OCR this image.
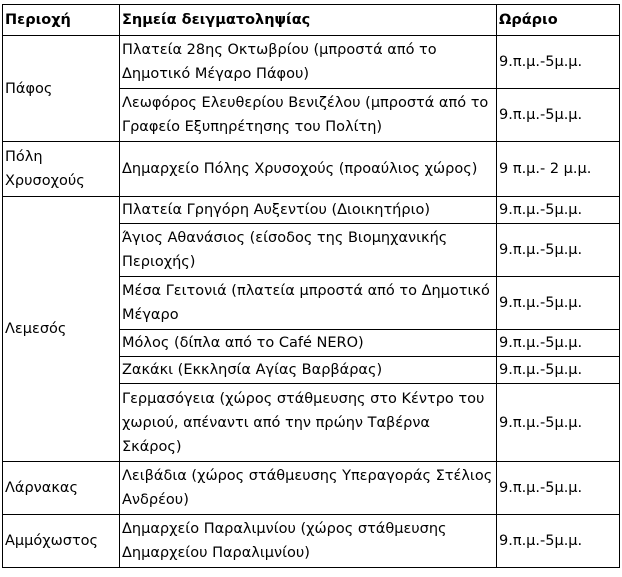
Περιοχή	Σημεία δειγματοληψίας	Ωράριο
Πάφος	Πλατεία 28ης Οκτωβρίου (μπροστά από το Δημοτικό Μέγαρο Πάφου)	9.π.μ.-5μ.μ.
	Λεωφόρος Ελευθερίου Βενιζέλου (μπροστά από το Γραφείο Εξυπηρέτησης του Πολίτη)	9.π.μ.-5μ.μ.
Πόλη Χρυσοχούς	Δημαρχείο Πόλης Χρυσοχούς (προαύλιος χώρος)	9 π.μ.- 2 μ.μ.
Λεμεσός	Πλατεία Γρηγόρη Αυξεντίου (Διοικητήριο)	9.π.μ.-5μ.μ.
	Άγιος Αθανάσιος (είσοδος της Βιομηχανικής Περιοχής)	9.π.μ.-5μ.μ.
	Μέσα Γειτονιά (πλατεία μπροστά από το Δημοτικό Μέγαρο	9.π.μ.-5μ.μ.
	Μόλος (δίπλα από το Café NERO)	9.π.μ.-5μ.μ.
	Ζακάκι (Εκκλησία Αγίας Βαρβάρας)	9.π.μ.-5μ.μ.
	Γερμασόγεια (χώρος στάθμευσης στο Κέντρο του χωριού, απέναντι από την πρώην Ταβέρνα Σκάρος)	9.π.μ.-5μ.μ.
Λάρνακας	Λειβάδια (χώρος στάθμευσης Υπεραγοράς Στέλιος Ανδρέου)	9.π.μ.-5μ.μ.
Αμμόχωστος	Δημαρχείο Παραλιμνίου (χώρος στάθμευσης Δημαρχείου Παραλιμνίου)	9.π.μ.-5μ.μ.
